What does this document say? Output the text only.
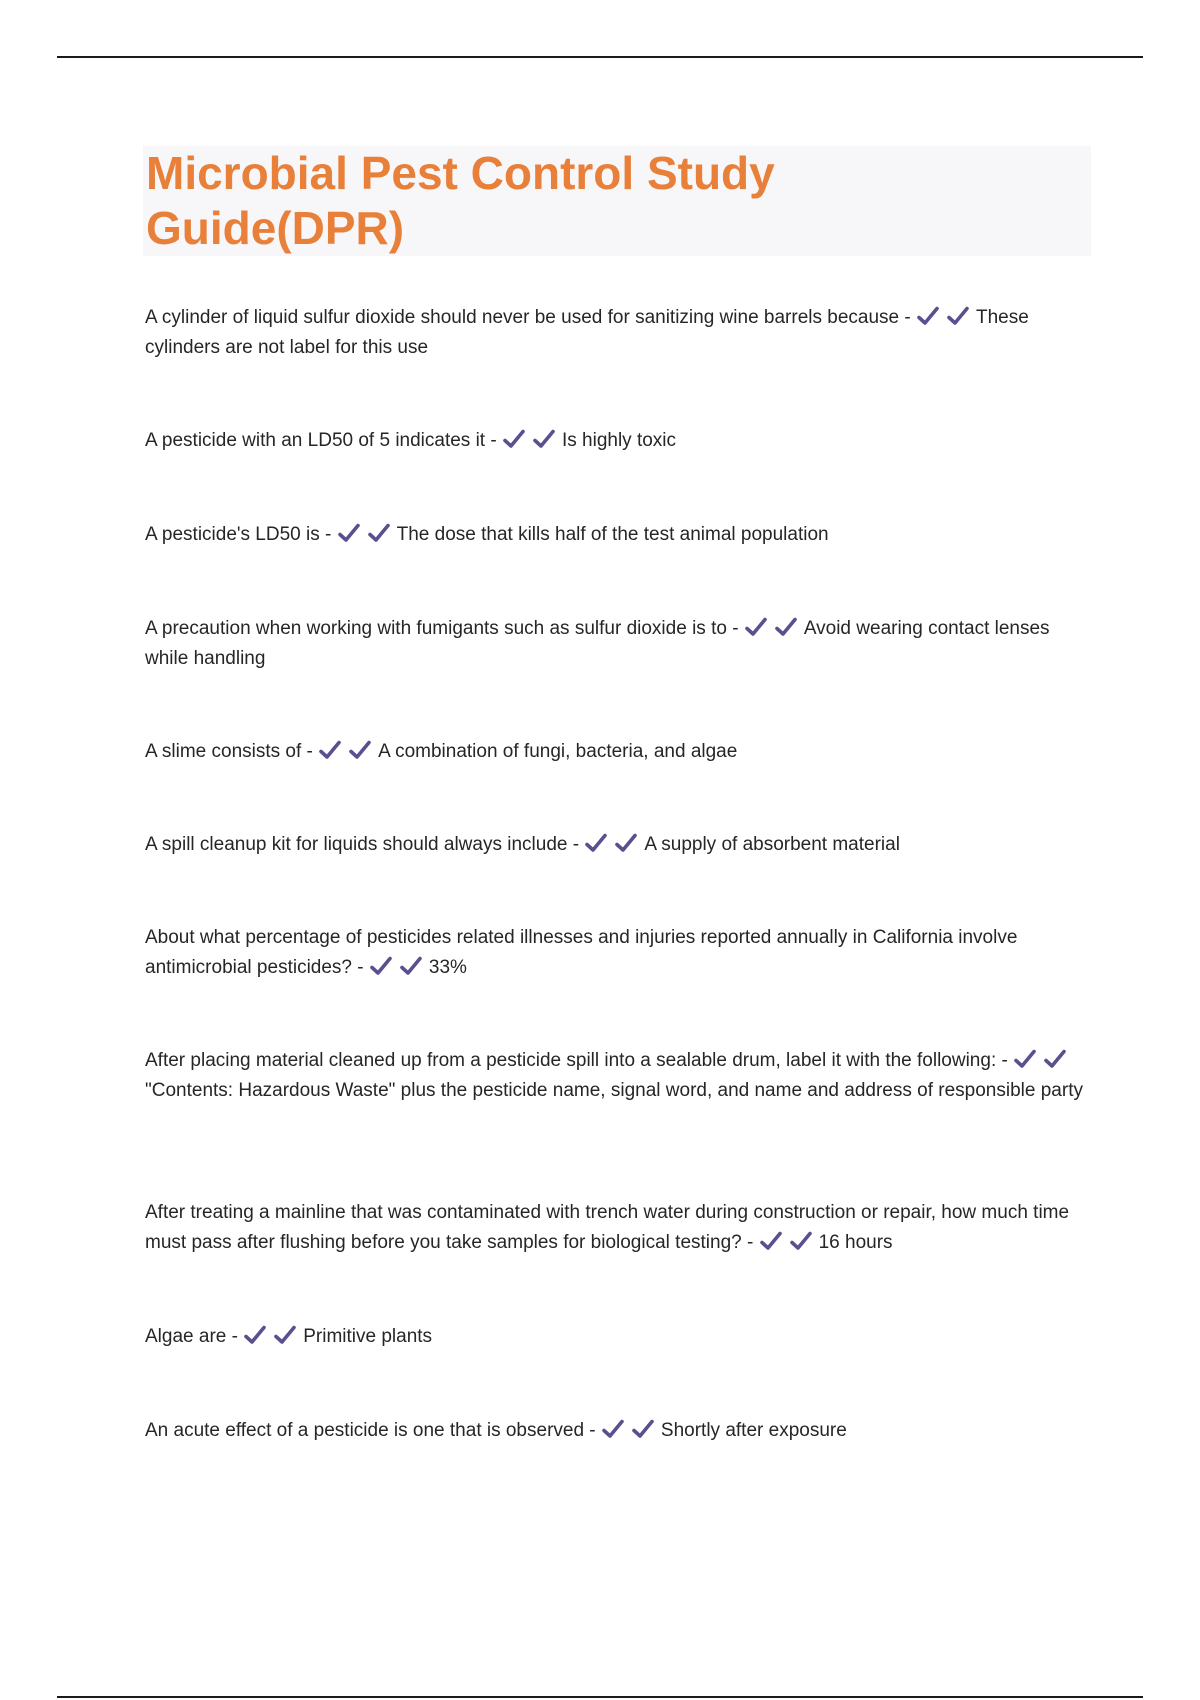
Microbial Pest Control Study Guide(DPR)
A cylinder of liquid sulfur dioxide should never be used for sanitizing wine barrels because -	These cylinders are not label for this use
A pesticide with an LD50 of 5 indicates it -	Is highly toxic
A pesticide's LD50 is -	The dose that kills half of the test animal population
A precaution when working with fumigants such as sulfur dioxide is to -	Avoid wearing contact lenses while handling
A slime consists of -	A combination of fungi, bacteria, and algae
A spill cleanup kit for liquids should always include -	A supply of absorbent material
About what percentage of pesticides related illnesses and injuries reported annually in California involve antimicrobial pesticides? -	33%
After placing material cleaned up from a pesticide spill into a sealable drum, label it with the following: -
"Contents: Hazardous Waste" plus the pesticide name, signal word, and name and address of responsible party
After treating a mainline that was contaminated with trench water during construction or repair, how much time must pass after flushing before you take samples for biological testing? -	16 hours
Algae are -	Primitive plants
An acute effect of a pesticide is one that is observed -	Shortly after exposure
